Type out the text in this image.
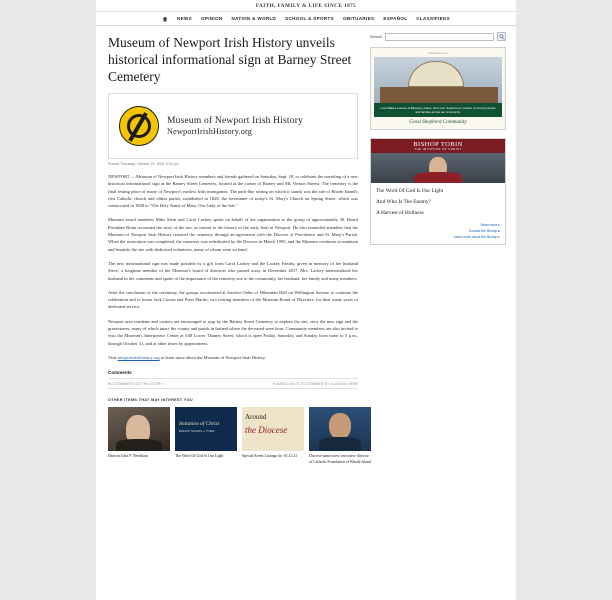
FAITH, FAMILY & LIFE SINCE 1875
NEWS OPINION NATION & WORLD SCHOOL & SPORTS OBITUARIES ESPAÑOL CLASSIFIEDS
Museum of Newport Irish History unveils historical informational sign at Barney Street Cemetery
Museum of Newport Irish History
NewportIrishHistory.org
Posted Thursday, October 21, 2021 4:20 pm

NEWPORT — Museum of Newport Irish History members and friends gathered on Saturday, Sept. 18, to celebrate the unveiling of a new historical informational sign at the Barney Street Cemetery, located at the corner of Barney and Mt. Vernon Streets. The cemetery is the final resting place of many of Newport's earliest Irish immigrants. The park-like setting on which it stands was the site of Rhode Island's first Catholic church and oldest parish, established in 1828, the forerunner of today's St. Mary's Church on Spring Street, which was consecrated in 1848 to "The Holy Name of Mary, Our Lady of the Isle."

Museum board members Mike Slein and Carol Lackey spoke on behalf of the organization to the group of approximately 30. Board President Brian recounted the story of the site, as central to the history of the early Irish in Newport. He also reminded attendees that the Museum of Newport Irish History restored the cemetery through an agreement with the Diocese of Providence and St. Mary's Parish. When the restoration was completed, the cemetery was rededicated by the Diocese in March 1995, and the Museum continues to maintain and beautify the site with dedicated volunteers, many of whom were on hand.

The new informational sign was made possible by a gift from Carol Lackey and the Lackey Family, given in memory of her husband Steve, a longtime member of the Museum's board of directors who passed away in December 2017. Mrs. Lackey memorialized her husband in her comments and spoke of the importance of the cemetery site to the community, her husband, her family and many members.

After the conclusion of the ceremony, the groups reconvened at Ancient Order of Hibernian Hall on Wellington Avenue to continue the celebration and to honor Jack Curran and Peter Martin, two retiring members of the Museum Board of Directors, for their many years of dedicated service.

Newport area residents and visitors are encouraged to stop by the Barney Street Cemetery to explore the site, view the new sign and the gravestones, many of which intact the county and parish in Ireland where the deceased were born. Community members are also invited to visit the Museum's Interpretive Center at 648 Lower Thames Street, which is open Friday, Saturday, and Sunday from noon to 5 p.m., through October 31, and at other times by appointment.

Visit newportirishhistory.org to learn more about the Museum of Newport Irish History.

Comments
NO COMMENTS ON THIS STORY	PLEASE LOG IN TO COMMENT BY CLICKING HERE
OTHER ITEMS THAT MAY INTEREST YOU
Deacon John P. Needham
Imitation of Christ
BISHOP THOMAS J. TOBIN
The Word Of God Is Our Light
Around
the Diocese
Special Event Listings for 10.21.21	Diocese names new executive director of Catholic Foundation of Rhode Island
Search
Advertisement
Love Makes a Home of Blessing, Grace, and Love. Support our mission of serving seniors and families across our community.
Good Shepherd Community
BISHOP TOBIN
THE IMITATION OF CHRIST
The Word Of God Is Our Light
And Who Is The Enemy?
A Harvest of Holiness
Read more ▸
Contact the Bishop ▸
Learn more about the Bishop ▸
